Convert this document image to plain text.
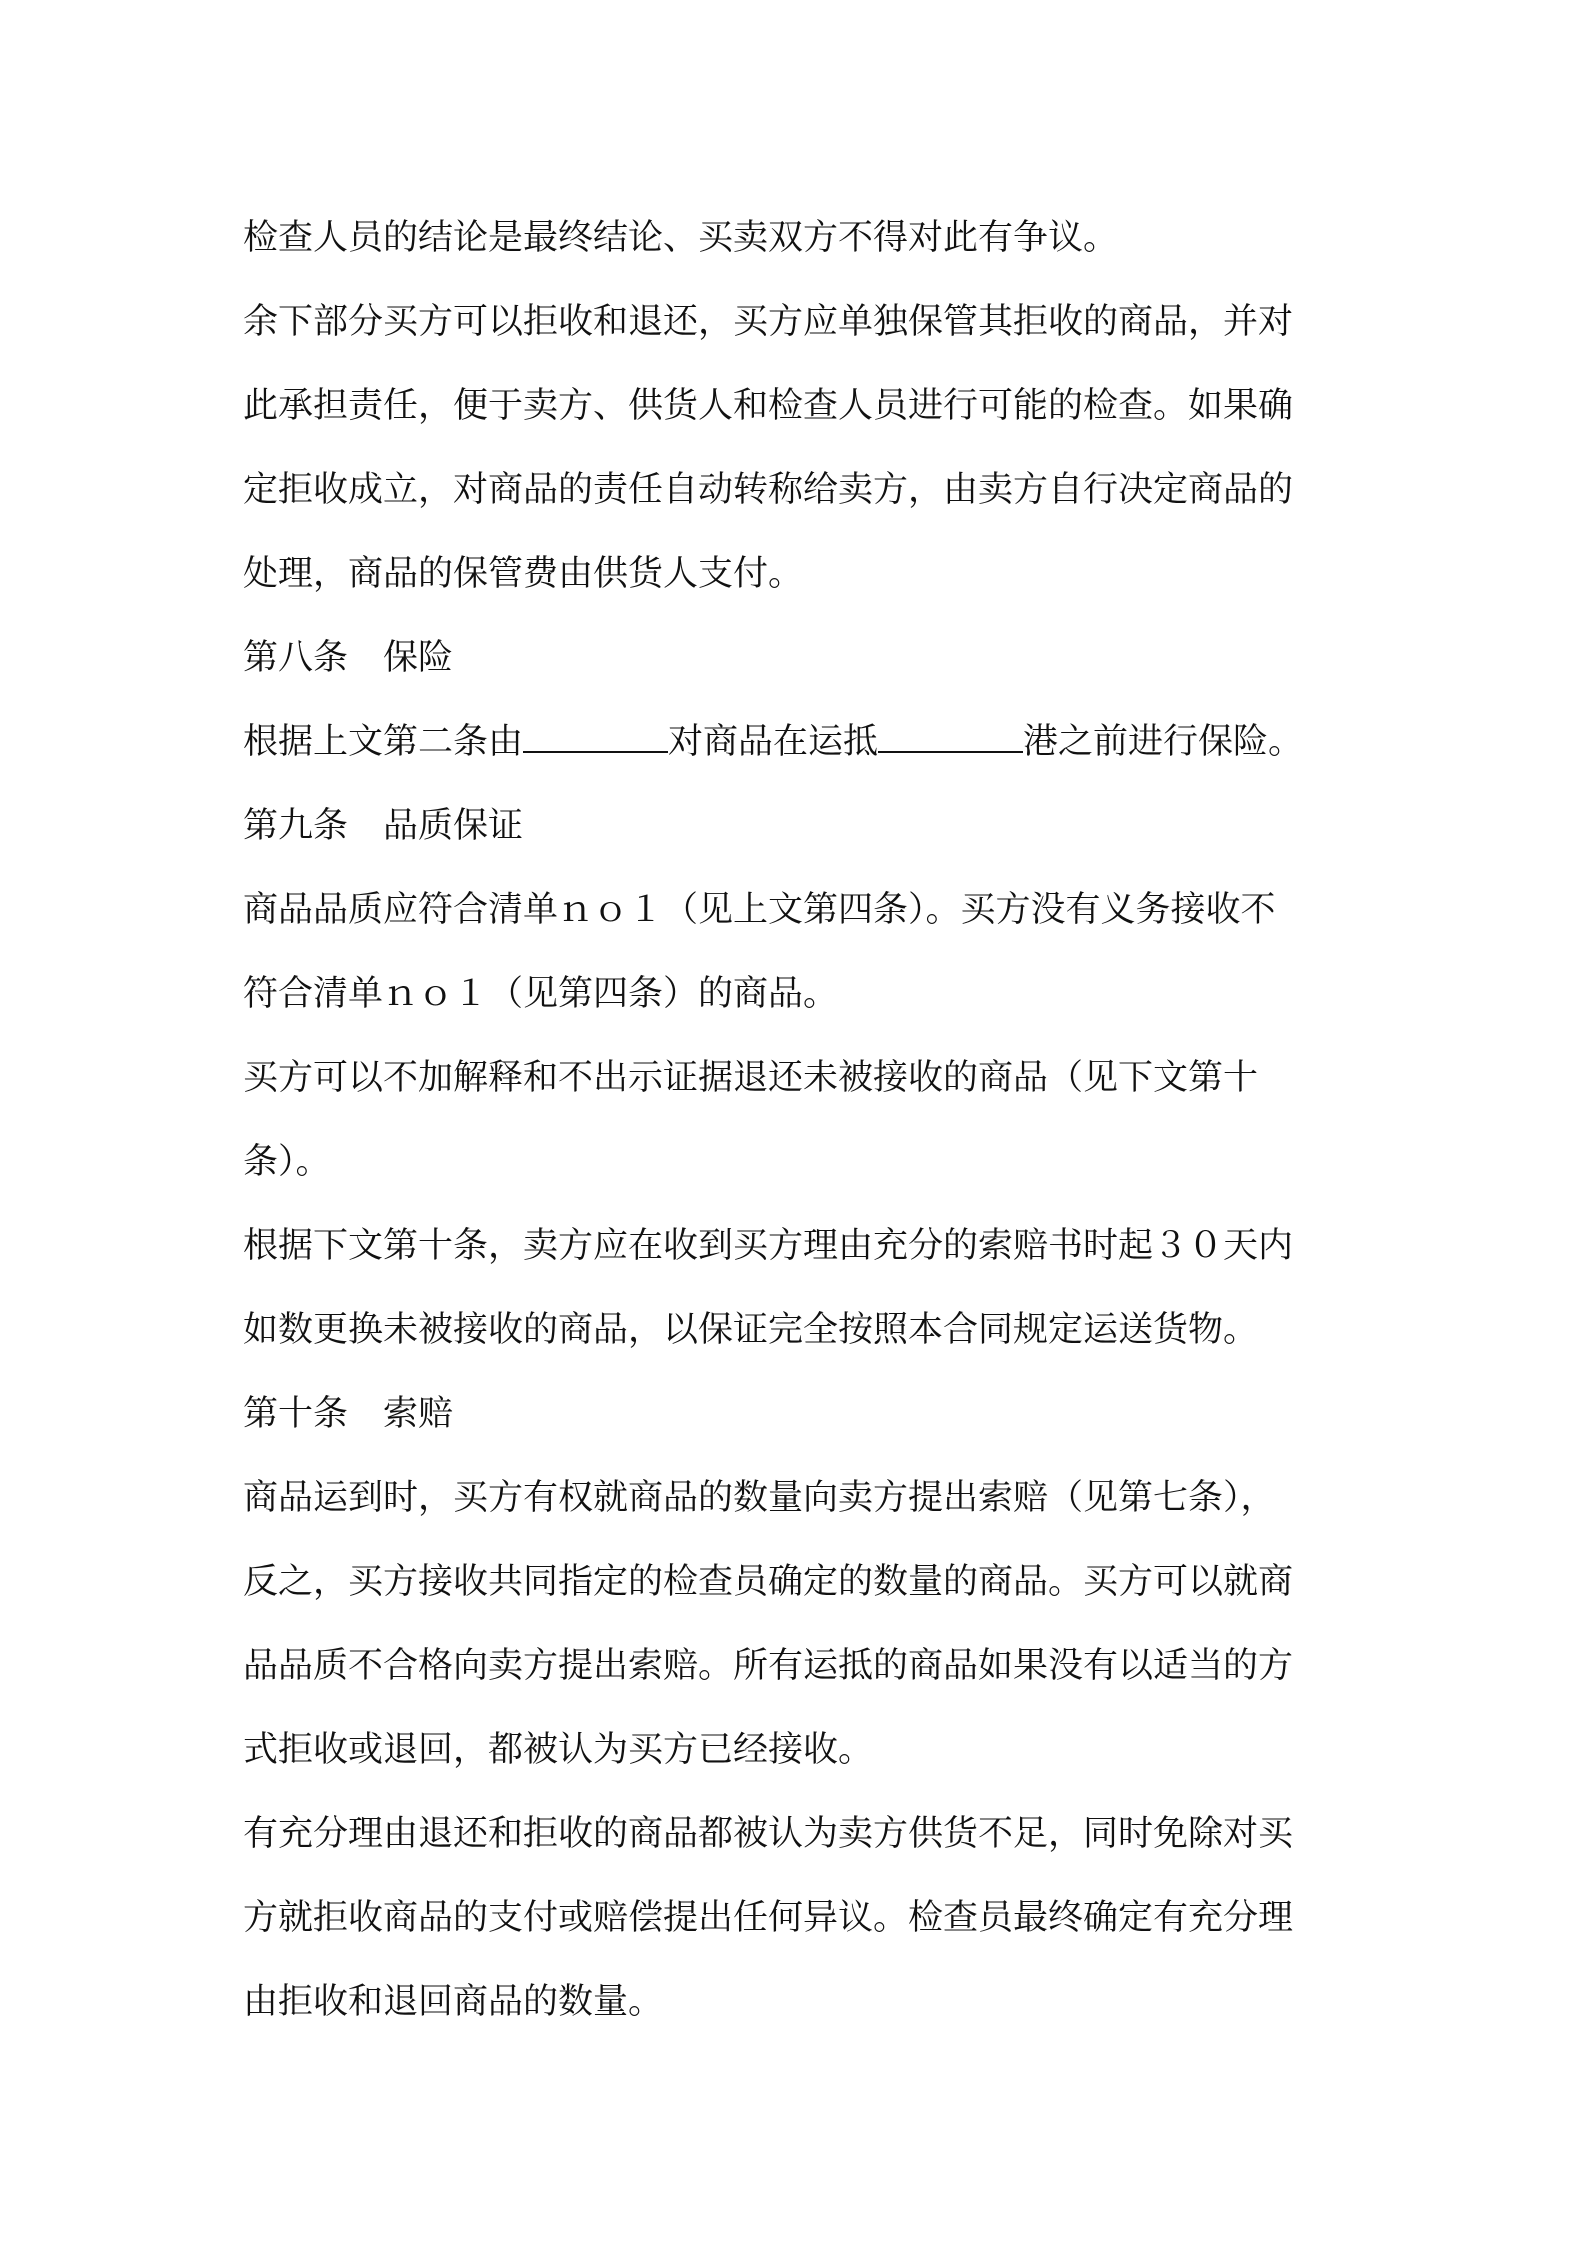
检查人员的结论是最终结论、买卖双方不得对此有争议。
余下部分买方可以拒收和退还，买方应单独保管其拒收的商品，并对
此承担责任，便于卖方、供货人和检查人员进行可能的检查。如果确
定拒收成立，对商品的责任自动转称给卖方，由卖方自行决定商品的
处理，商品的保管费由供货人支付。
第八条　保险
根据上文第二条由	对商品在运抵	港之前进行保险。
第九条　品质保证
商品品质应符合清单ｎｏ１（见上文第四条）。买方没有义务接收不
符合清单ｎｏ１（见第四条）的商品。
买方可以不加解释和不出示证据退还未被接收的商品（见下文第十
条）。
根据下文第十条，卖方应在收到买方理由充分的索赔书时起３０天内
如数更换未被接收的商品，以保证完全按照本合同规定运送货物。
第十条　索赔
商品运到时，买方有权就商品的数量向卖方提出索赔（见第七条），
反之，买方接收共同指定的检查员确定的数量的商品。买方可以就商
品品质不合格向卖方提出索赔。所有运抵的商品如果没有以适当的方
式拒收或退回，都被认为买方已经接收。
有充分理由退还和拒收的商品都被认为卖方供货不足，同时免除对买
方就拒收商品的支付或赔偿提出任何异议。检查员最终确定有充分理
由拒收和退回商品的数量。
